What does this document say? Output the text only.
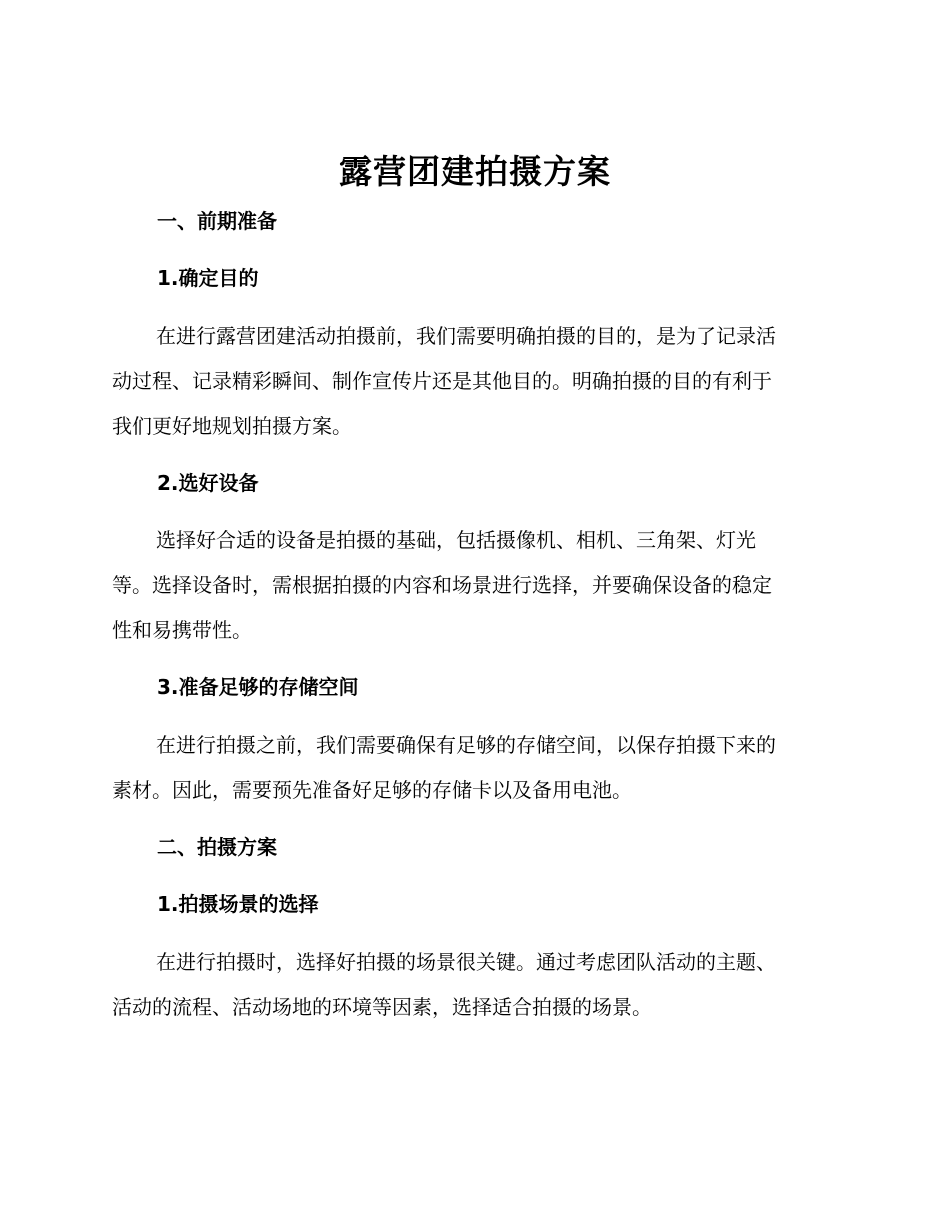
露营团建拍摄方案
一、前期准备
1.确定目的
在进行露营团建活动拍摄前，我们需要明确拍摄的目的，是为了记录活
动过程、记录精彩瞬间、制作宣传片还是其他目的。明确拍摄的目的有利于
我们更好地规划拍摄方案。
2.选好设备
选择好合适的设备是拍摄的基础，包括摄像机、相机、三角架、灯光
等。选择设备时，需根据拍摄的内容和场景进行选择，并要确保设备的稳定
性和易携带性。
3.准备足够的存储空间
在进行拍摄之前，我们需要确保有足够的存储空间，以保存拍摄下来的
素材。因此，需要预先准备好足够的存储卡以及备用电池。
二、拍摄方案
1.拍摄场景的选择
在进行拍摄时，选择好拍摄的场景很关键。通过考虑团队活动的主题、
活动的流程、活动场地的环境等因素，选择适合拍摄的场景。
